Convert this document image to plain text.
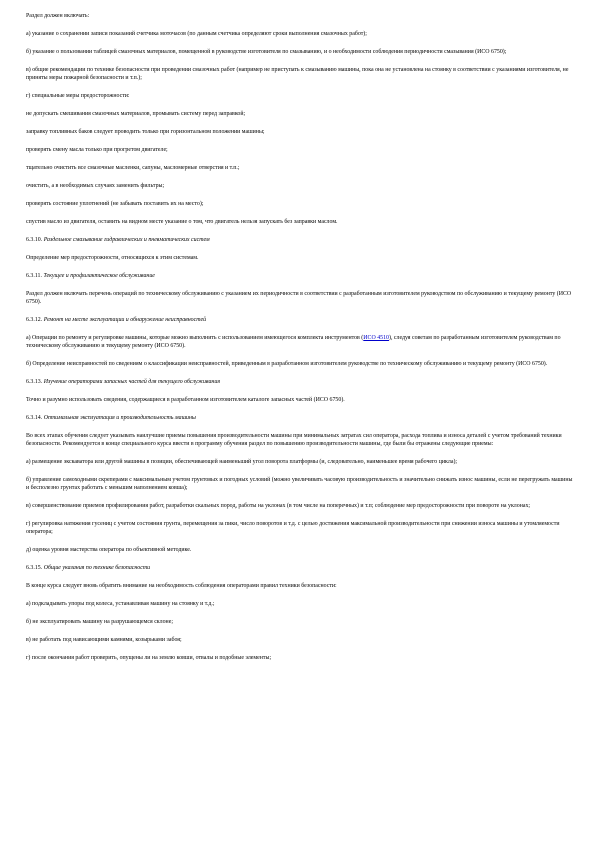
Раздел должен включать:

а) указание о сохранении записи показаний счетчика моточасов (по данным счетчика определяют сроки выполнения смазочных работ);

б) указание о пользовании таблицей смазочных материалов, помещенной в руководстве изготовителя по смазыванию, и о необходимости соблюдения периодичности смазывания (ИСО 6750);

в) общие рекомендации по технике безопасности при проведении смазочных работ (например не приступать к смазыванию машины, пока она не установлена на стоянку в соответствии с указаниями изготовителя, не приняты меры пожарной безопасности и т.п.);

г) специальные меры предосторожности:

не допускать смешивания смазочных материалов, промывать систему перед заправкой;

заправку топливных баков следует проводить только при горизонтальном положении машины;

проверять смену масла только при прогретом двигателе;

тщательно очистить все смазочные масленки, сапуны, масломерные отверстия и т.п.;

очистить, а в необходимых случаях заменить фильтры;

проверять состояние уплотнений (не забывать поставить их на место);

спустив масло из двигателя, оставить на видном месте указание о том, что двигатель нельзя запускать без заправки маслом.

6.3.10. Раздельное смазывание гидравлических и пневматических систем

Определение мер предосторожности, относящихся к этим системам.

6.3.11. Текущее и профилактическое обслуживание

Раздел должен включать перечень операций по техническому обслуживанию с указанием их периодичности в соответствии с разработанным изготовителем руководством по обслуживанию и текущему ремонту (ИСО 6750).

6.3.12. Ремонт на месте эксплуатации и обнаружение неисправностей

а) Операции по ремонту и регулировке машины, которые можно выполнить с использованием имеющегося комплекта инструментов (ИСО 4510), следуя советам по разработанным изготовителем руководствам по техническому обслуживанию и текущему ремонту (ИСО 6750).

б) Определение неисправностей по сведениям о классификации неисправностей, приведенным в разработанном изготовителем руководстве по техническому обслуживанию и текущему ремонту (ИСО 6750).

6.3.13. Изучение операторами запасных частей для текущего обслуживания

Точно и разумно использовать сведения, содержащиеся в разработанном изготовителем каталоге запасных частей (ИСО 6750).

6.3.14. Оптимальная эксплуатация и производительность машины

Во всех этапах обучения следует указывать наилучшие приемы повышения производительности машины при минимальных затратах сил оператора, расхода топлива и износа деталей с учетом требований техники безопасности. Рекомендуется в конце специального курса ввести в программу обучения раздел по повышению производительности машины, где были бы отражены следующие приемы:

а) размещение экскаватора или другой машины в позиции, обеспечивающей наименьший угол поворота платформы (и, следовательно, наименьшее время рабочего цикла);

б) управление самоходными скреперами с максимальным учетом грунтовых и погодных условий (можно увеличивать часовую производительность и значительно снижать износ машины, если не перегружать машины и бесполезно грунтах работать с меньшим наполнением ковша);

в) совершенствование приемов профилирования работ, разработки скальных пород, работы на уклонах (в том числе на поперечных) и т.п; соблюдение мер предосторожности при повороте на уклонах;

г) регулировка натяжения гусениц с учетом состояния грунта, перемещения за пики, число поворотов и т.д. с целью достижения максимальной производительности при снижении износа машины и утомляемости оператора;

д) оценка уровня мастерства оператора по объективной методике.

6.3.15. Общие указания по технике безопасности

В конце курса следует вновь обратить внимание на необходимость соблюдения операторами правил техники безопасности:

а) подкладывать упоры под колеса, устанавливая машину на стоянку и т.д.;

б) не эксплуатировать машину на разрушающемся склоне;

в) не работать под нависающими камнями, козырьками забоя;

г) после окончания работ проверить, опущены ли на землю ковши, отвалы и подобные элементы;
